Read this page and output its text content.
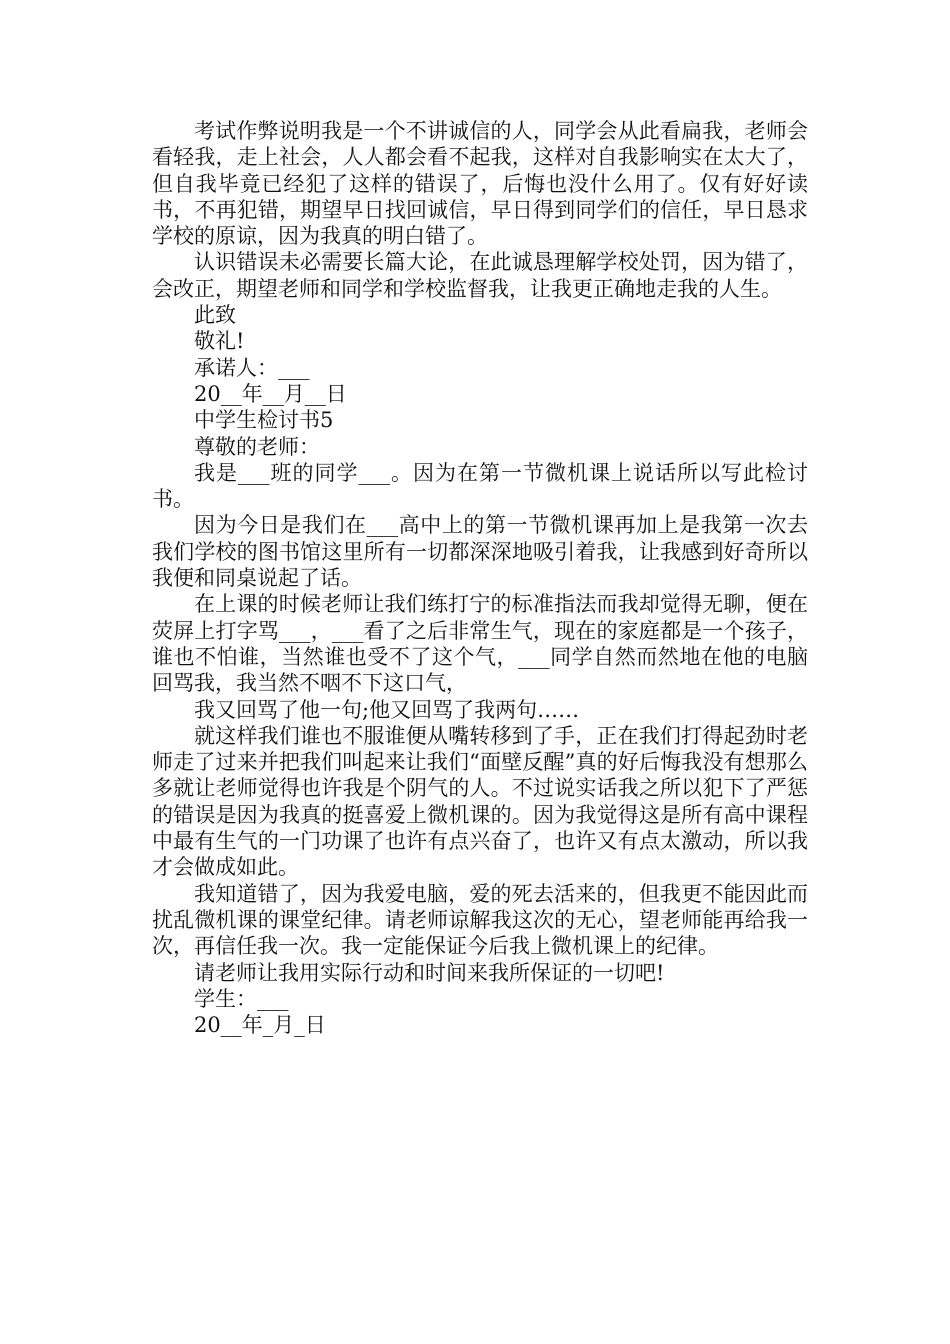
考试作弊说明我是一个不讲诚信的人，同学会从此看扁我，老师会看轻我，走上社会，人人都会看不起我，这样对自我影响实在太大了，但自我毕竟已经犯了这样的错误了，后悔也没什么用了。仅有好好读书，不再犯错，期望早日找回诚信，早日得到同学们的信任，早日恳求学校的原谅，因为我真的明白错了。

认识错误未必需要长篇大论，在此诚恳理解学校处罚，因为错了，会改正，期望老师和同学和学校监督我，让我更正确地走我的人生。

此致

敬礼!

承诺人：___

20__年__月__日

中学生检讨书5

尊敬的老师：

我是___班的同学___。因为在第一节微机课上说话所以写此检讨书。

因为今日是我们在___高中上的第一节微机课再加上是我第一次去我们学校的图书馆这里所有一切都深深地吸引着我，让我感到好奇所以我便和同桌说起了话。

在上课的时候老师让我们练打宁的标准指法而我却觉得无聊，便在荧屏上打字骂___，___看了之后非常生气，现在的家庭都是一个孩子，谁也不怕谁，当然谁也受不了这个气，___同学自然而然地在他的电脑回骂我，我当然不咽不下这口气，

我又回骂了他一句;他又回骂了我两句……

就这样我们谁也不服谁便从嘴转移到了手，正在我们打得起劲时老师走了过来并把我们叫起来让我们“面壁反醒”真的好后悔我没有想那么多就让老师觉得也许我是个阴气的人。不过说实话我之所以犯下了严惩的错误是因为我真的挺喜爱上微机课的。因为我觉得这是所有高中课程中最有生气的一门功课了也许有点兴奋了，也许又有点太激动，所以我才会做成如此。

我知道错了，因为我爱电脑，爱的死去活来的，但我更不能因此而扰乱微机课的课堂纪律。请老师谅解我这次的无心，望老师能再给我一次，再信任我一次。我一定能保证今后我上微机课上的纪律。

请老师让我用实际行动和时间来我所保证的一切吧!

学生：___

20__年_月_日
